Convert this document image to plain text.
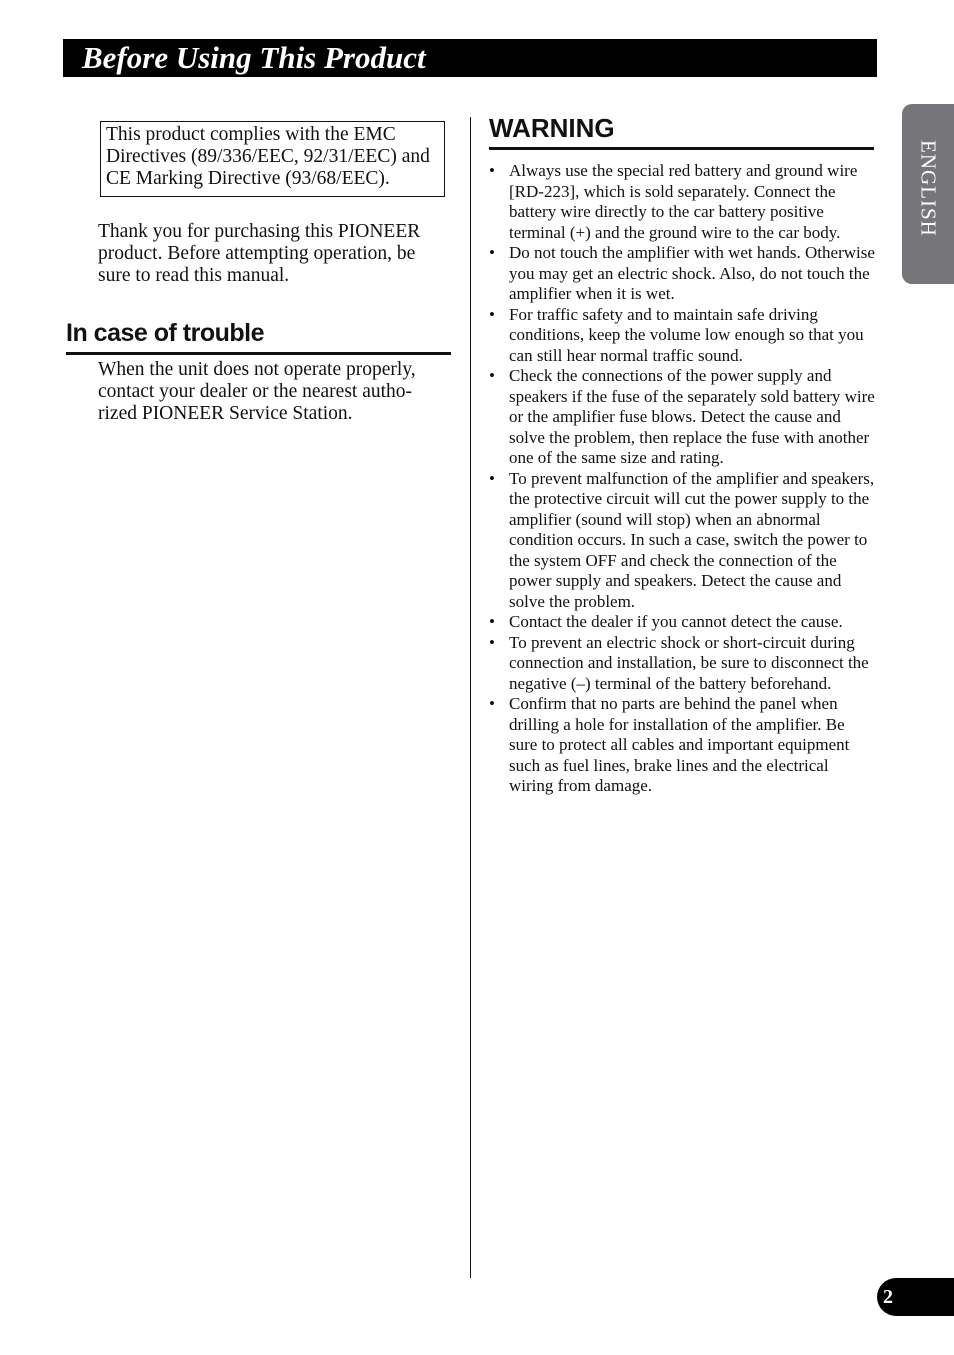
Before Using This Product
ENGLISH
This product complies with the EMC Directives (89/336/EEC, 92/31/EEC) and CE Marking Directive (93/68/EEC).
Thank you for purchasing this PIONEER product. Before attempting operation, be sure to read this manual.
In case of trouble
When the unit does not operate properly, contact your dealer or the nearest autho-rized PIONEER Service Station.
WARNING
• Always use the special red battery and ground wire [RD-223], which is sold separately. Connect the battery wire directly to the car battery positive terminal (+) and the ground wire to the car body.
• Do not touch the amplifier with wet hands. Otherwise you may get an electric shock. Also, do not touch the amplifier when it is wet.
• For traffic safety and to maintain safe driving conditions, keep the volume low enough so that you can still hear normal traffic sound.
• Check the connections of the power supply and speakers if the fuse of the separately sold battery wire or the amplifier fuse blows. Detect the cause and solve the problem, then replace the fuse with another one of the same size and rating.
• To prevent malfunction of the amplifier and speakers, the protective circuit will cut the power supply to the amplifier (sound will stop) when an abnormal condition occurs. In such a case, switch the power to the system OFF and check the connection of the power supply and speakers. Detect the cause and solve the problem.
• Contact the dealer if you cannot detect the cause.
• To prevent an electric shock or short-circuit during connection and installation, be sure to disconnect the negative (–) terminal of the battery beforehand.
• Confirm that no parts are behind the panel when drilling a hole for installation of the amplifier. Be sure to protect all cables and important equipment such as fuel lines, brake lines and the electrical wiring from damage.
2
